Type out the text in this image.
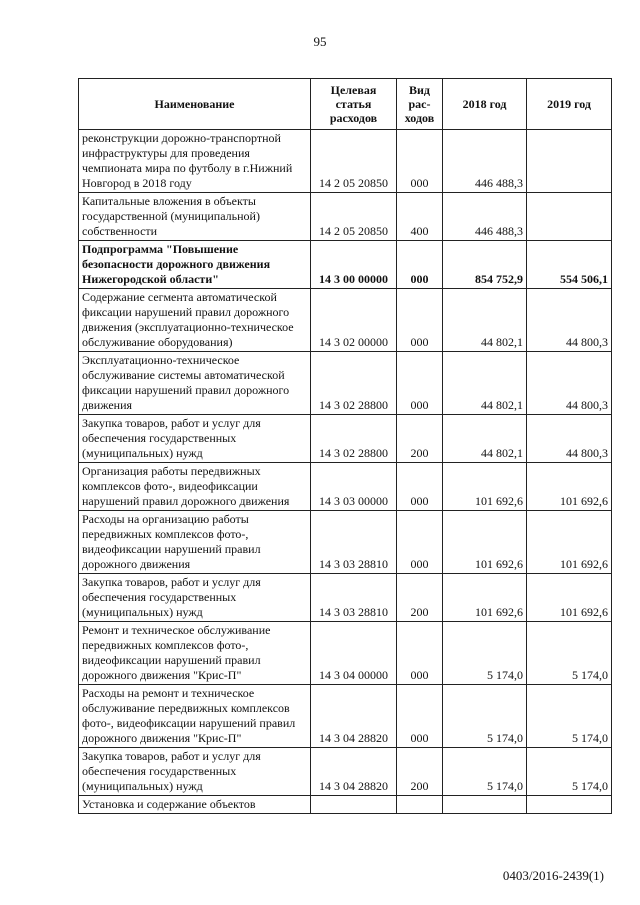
95
Наименование	Целевая статья расходов	Вид рас-ходов	2018 год	2019 год
реконструкции дорожно-транспортной инфраструктуры для проведения чемпионата мира по футболу в г.Нижний Новгород в 2018 году	14 2 05 20850	000	446 488,3	
Капитальные вложения в объекты государственной (муниципальной) собственности	14 2 05 20850	400	446 488,3	
Подпрограмма "Повышение безопасности дорожного движения Нижегородской области"	14 3 00 00000	000	854 752,9	554 506,1
Содержание сегмента автоматической фиксации нарушений правил дорожного движения (эксплуатационно-техническое обслуживание оборудования)	14 3 02 00000	000	44 802,1	44 800,3
Эксплуатационно-техническое обслуживание системы автоматической фиксации нарушений правил дорожного движения	14 3 02 28800	000	44 802,1	44 800,3
Закупка товаров, работ и услуг для обеспечения государственных (муниципальных) нужд	14 3 02 28800	200	44 802,1	44 800,3
Организация работы передвижных комплексов фото-, видеофиксации нарушений правил дорожного движения	14 3 03 00000	000	101 692,6	101 692,6
Расходы на организацию работы передвижных комплексов фото-, видеофиксации нарушений правил дорожного движения	14 3 03 28810	000	101 692,6	101 692,6
Закупка товаров, работ и услуг для обеспечения государственных (муниципальных) нужд	14 3 03 28810	200	101 692,6	101 692,6
Ремонт и техническое обслуживание передвижных комплексов фото-, видеофиксации нарушений правил дорожного движения "Крис-П"	14 3 04 00000	000	5 174,0	5 174,0
Расходы на ремонт и техническое обслуживание передвижных комплексов фото-, видеофиксации нарушений правил дорожного движения "Крис-П"	14 3 04 28820	000	5 174,0	5 174,0
Закупка товаров, работ и услуг для обеспечения государственных (муниципальных) нужд	14 3 04 28820	200	5 174,0	5 174,0
Установка и содержание объектов				
0403/2016-2439(1)
